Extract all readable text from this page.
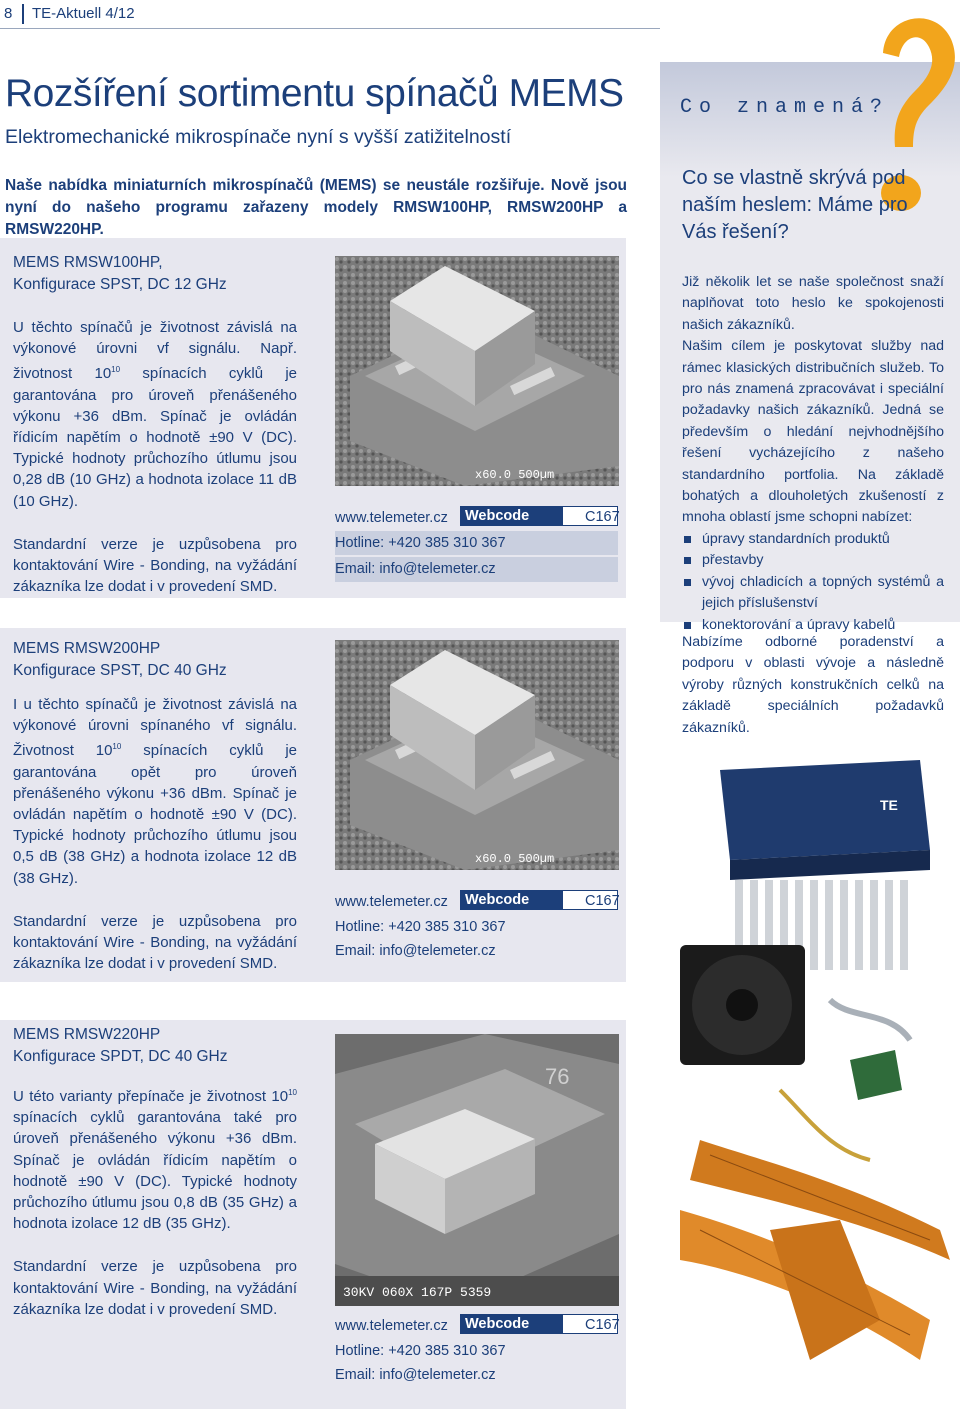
8 TE-Aktuell 4/12
Rozšíření sortimentu spínačů MEMS
Elektromechanické mikrospínače nyní s vyšší zatižitelností
Naše nabídka miniaturních mikrospínačů (MEMS) se neustále rozšiřuje. Nově jsou nyní do našeho programu zařazeny modely RMSW100HP, RMSW200HP a RMSW220HP.
MEMS RMSW100HP,
Konfigurace SPST, DC 12 GHz

U těchto spínačů je životnost závislá na výkonové úrovni vf signálu. Např. životnost $10^{10}$ spínacích cyklů je garantována pro úroveň přenášeného výkonu +36 dBm. Spínač je ovládán řídicím napětím o hodnotě ±90 V (DC). Typické hodnoty průchozího útlumu jsou 0,28 dB (10 GHz) a hodnota izolace 11 dB (10 GHz).

Standardní verze je uzpůsobena pro kontaktování Wire - Bonding, na vyžádání zákazníka lze dodat i v provedení SMD.

x60.0 500µm
www.telemeter.cz	Webcode	C167
Hotline: +420 385 310 367
Email: info@telemeter.cz
MEMS RMSW200HP
Konfigurace SPST, DC 40 GHz

I u těchto spínačů je životnost závislá na výkonové úrovni spínaného vf signálu. Životnost $10^{10}$ spínacích cyklů je garantována opět pro úroveň přenášeného výkonu +36 dBm. Spínač je ovládán napětím o hodnotě ±90 V (DC). Typické hodnoty průchozího útlumu jsou 0,5 dB (38 GHz) a hodnota izolace 12 dB (38 GHz).

Standardní verze je uzpůsobena pro kontaktování Wire - Bonding, na vyžádání zákazníka lze dodat i v provedení SMD.

x60.0 500µm
www.telemeter.cz	Webcode	C167
Hotline: +420 385 310 367
Email: info@telemeter.cz
MEMS RMSW220HP
Konfigurace SPDT, DC 40 GHz

U této varianty přepínače je životnost $10^{10}$ spínacích cyklů garantována také pro úroveň přenášeného výkonu +36 dBm. Spínač je ovládán řídicím napětím o hodnotě ±90 V (DC). Typické hodnoty průchozího útlumu jsou 0,8 dB (35 GHz) a hodnota izolace 12 dB (35 GHz).

Standardní verze je uzpůsobena pro kontaktování Wire - Bonding, na vyžádání zákazníka lze dodat i v provedení SMD.

76
30KV 060X 167P 5359
www.telemeter.cz	Webcode	C167
Hotline: +420 385 310 367
Email: info@telemeter.cz
Co znamená?
Co se vlastně skrývá pod naším heslem: Máme pro Vás řešení?

Již několik let se naše společnost snaží naplňovat toto heslo ke spokojenosti našich zákazníků.

Našim cílem je poskytovat služby nad rámec klasických distribučních služeb. To pro nás znamená zpracovávat i speciální požadavky našich zákazníků. Jedná se především o hledání nejvhodnějšího řešení vycházejícího z našeho standardního portfolia. Na základě bohatých a dlouholetých zkušeností z mnoha oblastí jsme schopni nabízet:

úpravy standardních produktů
přestavby
vývoj chladicích a topných systémů a jejich příslušenství
konektorování a úpravy kabelů
Nabízíme odborné poradenství a podporu v oblasti vývoje a následně výroby různých konstrukčních celků na základě speciálních požadavků zákazníků.
TE
